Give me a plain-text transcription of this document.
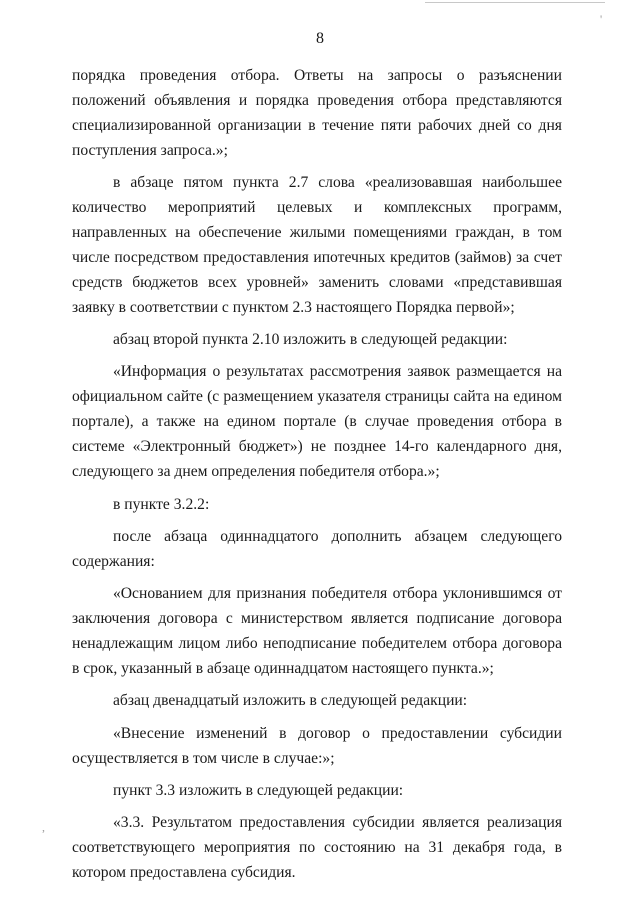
8

порядка проведения отбора. Ответы на запросы о разъяснении положений объявления и порядка проведения отбора представляются специализированной организации в течение пяти рабочих дней со дня поступления запроса.»;

в абзаце пятом пункта 2.7 слова «реализовавшая наибольшее количество мероприятий целевых и комплексных программ, направленных на обеспечение жилыми помещениями граждан, в том числе посредством предоставления ипотечных кредитов (займов) за счет средств бюджетов всех уровней» заменить словами «представившая заявку в соответствии с пунктом 2.3 настоящего Порядка первой»;

абзац второй пункта 2.10 изложить в следующей редакции:

«Информация о результатах рассмотрения заявок размещается на официальном сайте (с размещением указателя страницы сайта на едином портале), а также на едином портале (в случае проведения отбора в системе «Электронный бюджет») не позднее 14-го календарного дня, следующего за днем определения победителя отбора.»;

в пункте 3.2.2:

после абзаца одиннадцатого дополнить абзацем следующего содержания:

«Основанием для признания победителя отбора уклонившимся от заключения договора с министерством является подписание договора ненадлежащим лицом либо неподписание победителем отбора договора в срок, указанный в абзаце одиннадцатом настоящего пункта.»;

абзац двенадцатый изложить в следующей редакции:

«Внесение изменений в договор о предоставлении субсидии осуществляется в том числе в случае:»;

пункт 3.3 изложить в следующей редакции:

«3.3. Результатом предоставления субсидии является реализация соответствующего мероприятия по состоянию на 31 декабря года, в котором предоставлена субсидия.

'
,
